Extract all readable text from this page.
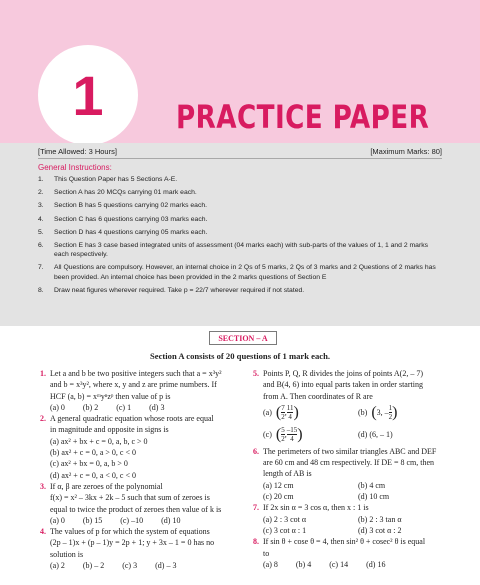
1 PRACTICE PAPER
[Time Allowed: 3 Hours]	[Maximum Marks: 80]
General Instructions:
1.	This Question Paper has 5 Sections A-E.
2.	Section A has 20 MCQs carrying 01 mark each.
3.	Section B has 5 questions carrying 02 marks each.
4.	Section C has 6 questions carrying 03 marks each.
5.	Section D has 4 questions carrying 05 marks each.
6.	Section E has 3 case based integrated units of assessment (04 marks each) with sub-parts of the values of 1, 1 and 2 marks each respectively.
7.	All Questions are compulsory. However, an internal choice in 2 Qs of 5 marks, 2 Qs of 3 marks and 2 Questions of 2 marks has been provided. An internal choice has been provided in the 2 marks questions of Section E
8.	Draw neat figures wherever required. Take p = 22/7 wherever required if not stated.
SECTION – A
Section A consists of 20 questions of 1 mark each.
1. Let a and b be two positive integers such that a = x³y²

and b = x³y², where x, y and z are prime numbers. If

HCF (a, b) = xᵐyⁿzᵖ then value of p is

(a) 0 (b) 2 (c) 1 (d) 3
2. A general quadratic equation whose roots are equal

in magnitude and opposite in signs is

(a) ax² + bx + c = 0, a, b, c > 0
(b) ax² + c = 0, a > 0, c < 0
(c) ax² + bx = 0, a, b > 0
(d) ax² + c = 0, a < 0, c < 0
3. If α, β are zeroes of the polynomial

f(x) = x² – 3kx + 2k – 5 such that sum of zeroes is

equal to twice the product of zeroes then value of k is

(a) 0 (b) 15 (c) –10 (d) 10
4. The values of p for which the system of equations

(2p – 1)x + (p – 1)y = 2p + 1; y + 3x – 1 = 0 has no

solution is

(a) 2 (b) – 2 (c) 3 (d) – 3
5. Points P, Q, R divides the joins of points A(2, – 7)

and B(4, 6) into equal parts taken in order starting

from A. Then coordinates of R are

(a)
( $\frac{7}{2}$ , $\frac{11}{4}$ )	(b)
( 3,
– $\frac{1}{2}$ )
(c)
( $\frac{5}{2}$ , $\frac{-15}{4}$ )	(d) (6, – 1)
6. The perimeters of two similar triangles ABC and DEF

are 60 cm and 48 cm respectively. If DE = 8 cm, then

length of AB is

(a) 12 cm	(b) 4 cm
(c) 20 cm	(d) 10 cm
7. If 2x sin α = 3 cos α, then x : 1 is

(a) 2 : 3 cot α	(b) 2 : 3 tan α
(c) 3 cot α : 1	(d) 3 cot α : 2
8. If sin θ + cose θ = 4, then sin² θ + cosec² θ is equal

to

(a) 8 (b) 4 (c) 14 (d) 16
